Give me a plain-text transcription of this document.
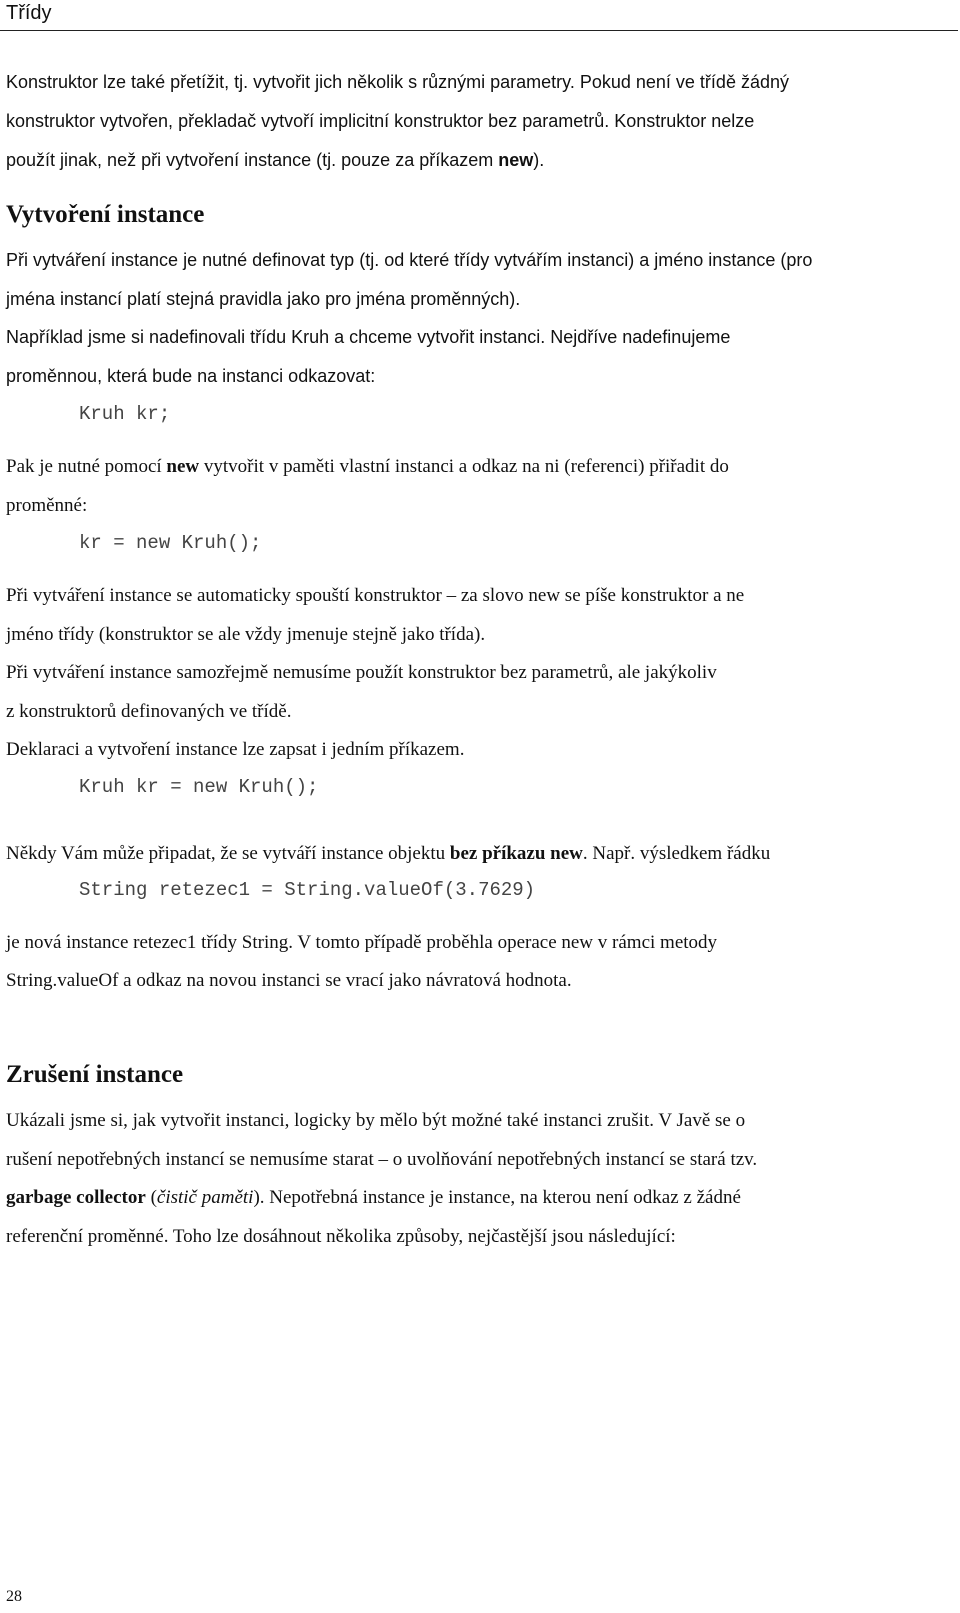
Třídy

Konstruktor lze také přetížit, tj. vytvořit jich několik s různými parametry. Pokud není ve třídě žádný

konstruktor vytvořen, překladač vytvoří implicitní konstruktor bez parametrů. Konstruktor nelze

použít jinak, než při vytvoření instance (tj. pouze za příkazem new).

Vytvoření instance

Při vytváření instance je nutné definovat typ (tj. od které třídy vytvářím instanci) a jméno instance (pro

jména instancí platí stejná pravidla jako pro jména proměnných).

Například jsme si nadefinovali třídu Kruh a chceme vytvořit instanci. Nejdříve nadefinujeme

proměnnou, která bude na instanci odkazovat:

Kruh kr;

Pak je nutné pomocí new vytvořit v paměti vlastní instanci a odkaz na ni (referenci) přiřadit do

proměnné:

kr = new Kruh();

Při vytváření instance se automaticky spouští konstruktor – za slovo new se píše konstruktor a ne

jméno třídy (konstruktor se ale vždy jmenuje stejně jako třída).

Při vytváření instance samozřejmě nemusíme použít konstruktor bez parametrů, ale jakýkoliv

z konstruktorů definovaných ve třídě.

Deklaraci a vytvoření instance lze zapsat i jedním příkazem.

Kruh kr = new Kruh();

Někdy Vám může připadat, že se vytváří instance objektu bez příkazu new. Např. výsledkem řádku

String retezec1 = String.valueOf(3.7629)

je nová instance retezec1 třídy String. V tomto případě proběhla operace new v rámci metody

String.valueOf a odkaz na novou instanci se vrací jako návratová hodnota.

Zrušení instance

Ukázali jsme si, jak vytvořit instanci, logicky by mělo být možné také instanci zrušit. V Javě se o

rušení nepotřebných instancí se nemusíme starat – o uvolňování nepotřebných instancí se stará tzv.

garbage collector (čistič paměti). Nepotřebná instance je instance, na kterou není odkaz z žádné

referenční proměnné. Toho lze dosáhnout několika způsoby, nejčastější jsou následující:

28
